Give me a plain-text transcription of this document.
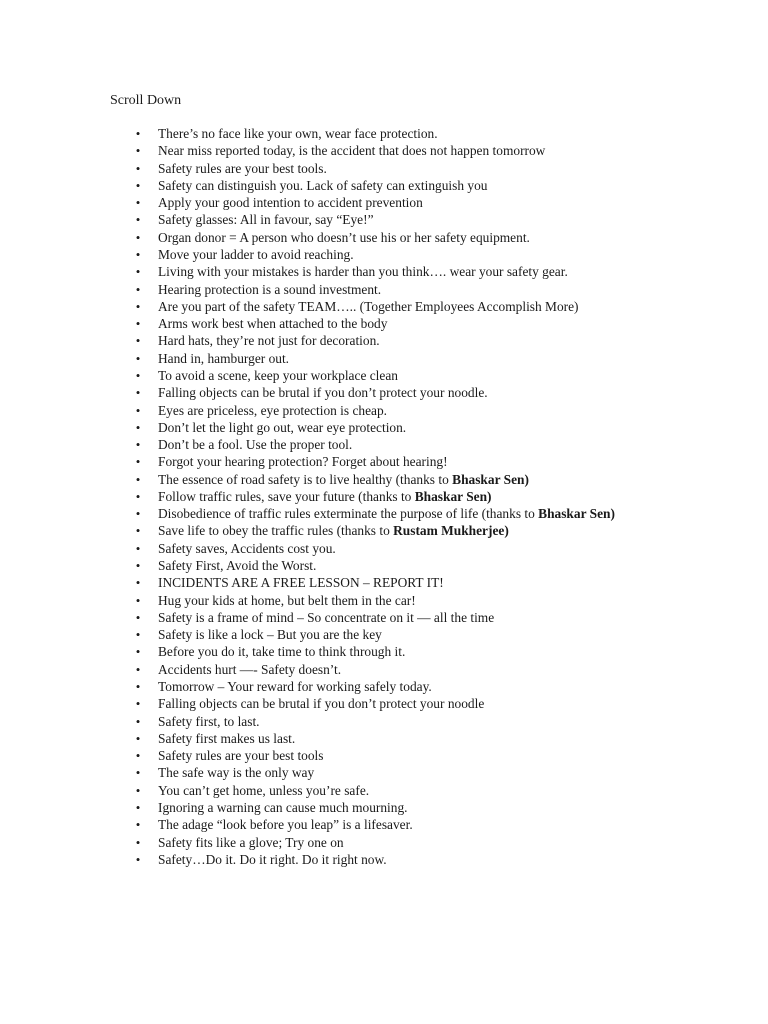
Scroll Down
• There’s no face like your own, wear face protection.
• Near miss reported today, is the accident that does not happen tomorrow
• Safety rules are your best tools.
• Safety can distinguish you. Lack of safety can extinguish you
• Apply your good intention to accident prevention
• Safety glasses: All in favour, say “Eye!”
• Organ donor = A person who doesn’t use his or her safety equipment.
• Move your ladder to avoid reaching.
• Living with your mistakes is harder than you think…. wear your safety gear.
• Hearing protection is a sound investment.
• Are you part of the safety TEAM….. (Together Employees Accomplish More)
• Arms work best when attached to the body
• Hard hats, they’re not just for decoration.
• Hand in, hamburger out.
• To avoid a scene, keep your workplace clean
• Falling objects can be brutal if you don’t protect your noodle.
• Eyes are priceless, eye protection is cheap.
• Don’t let the light go out, wear eye protection.
• Don’t be a fool. Use the proper tool.
• Forgot your hearing protection? Forget about hearing!
• The essence of road safety is to live healthy (thanks to Bhaskar Sen)
• Follow traffic rules, save your future (thanks to Bhaskar Sen)
• Disobedience of traffic rules exterminate the purpose of life (thanks to Bhaskar Sen)
• Save life to obey the traffic rules (thanks to Rustam Mukherjee)
• Safety saves, Accidents cost you.
• Safety First, Avoid the Worst.
• INCIDENTS ARE A FREE LESSON – REPORT IT!
• Hug your kids at home, but belt them in the car!
• Safety is a frame of mind – So concentrate on it — all the time
• Safety is like a lock – But you are the key
• Before you do it, take time to think through it.
• Accidents hurt —- Safety doesn’t.
• Tomorrow – Your reward for working safely today.
• Falling objects can be brutal if you don’t protect your noodle
• Safety first, to last.
• Safety first makes us last.
• Safety rules are your best tools
• The safe way is the only way
• You can’t get home, unless you’re safe.
• Ignoring a warning can cause much mourning.
• The adage “look before you leap” is a lifesaver.
• Safety fits like a glove; Try one on
• Safety…Do it. Do it right. Do it right now.
